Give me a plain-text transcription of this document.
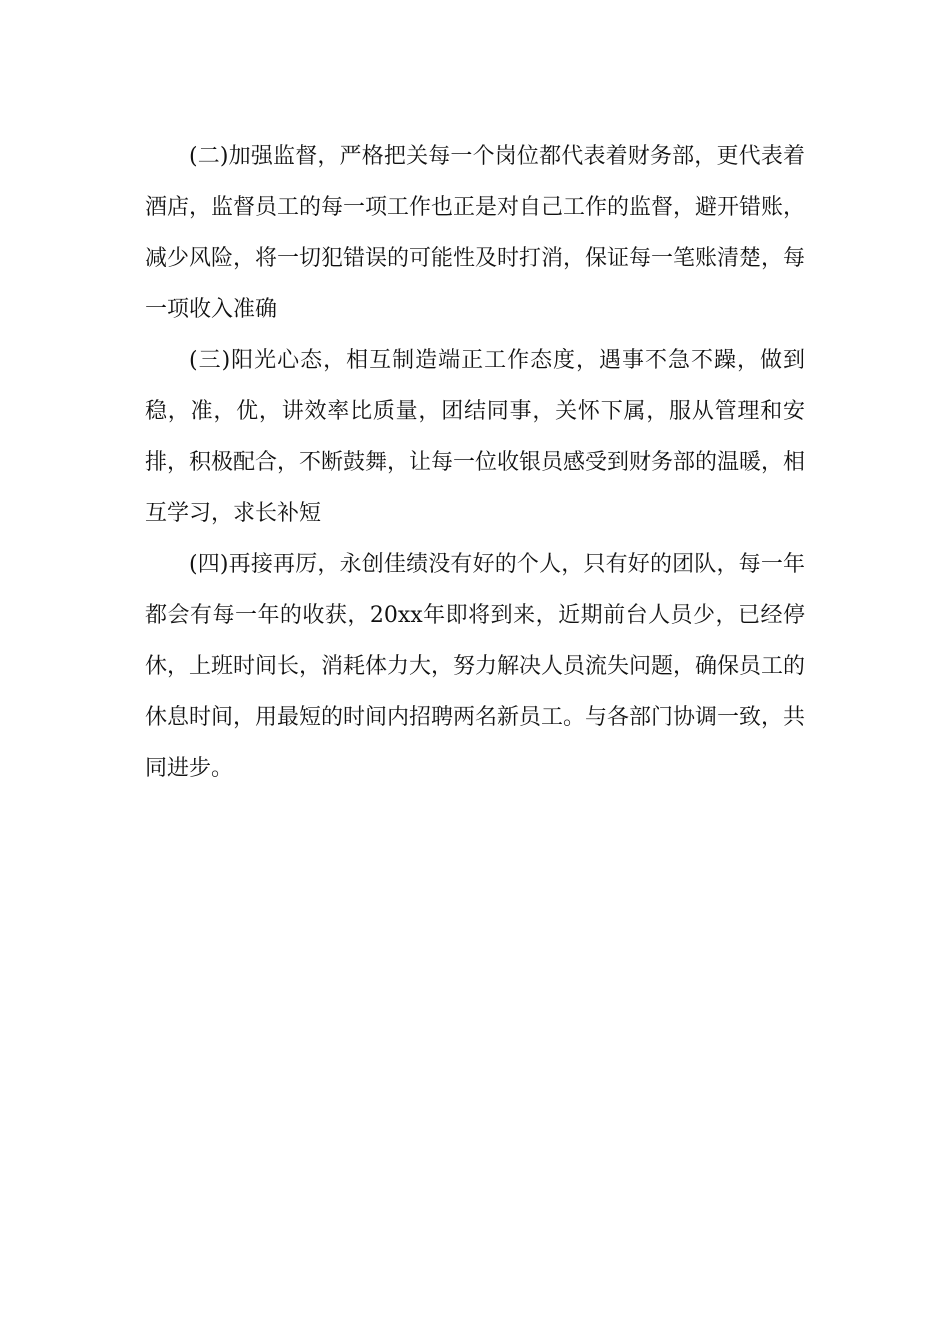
(二)加强监督，严格把关每一个岗位都代表着财务部，更代表着酒店，监督员工的每一项工作也正是对自己工作的监督，避开错账，减少风险，将一切犯错误的可能性及时打消，保证每一笔账清楚，每一项收入准确

(三)阳光心态，相互制造端正工作态度，遇事不急不躁，做到稳，准，优，讲效率比质量，团结同事，关怀下属，服从管理和安排，积极配合，不断鼓舞，让每一位收银员感受到财务部的温暖，相互学习，求长补短

(四)再接再厉，永创佳绩没有好的个人，只有好的团队，每一年都会有每一年的收获，20xx年即将到来，近期前台人员少，已经停休，上班时间长，消耗体力大，努力解决人员流失问题，确保员工的休息时间，用最短的时间内招聘两名新员工。与各部门协调一致，共同进步。
